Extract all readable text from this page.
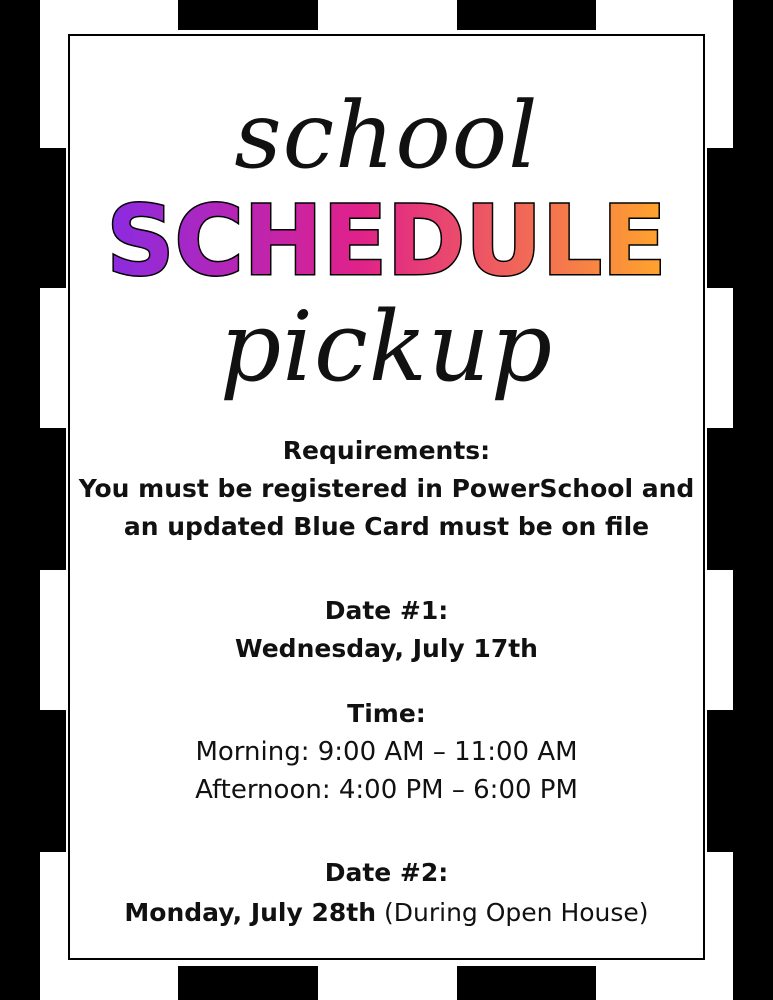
school
SCHEDULE
pickup
Requirements:
You must be registered in PowerSchool and
an updated Blue Card must be on file
Date #1:
Wednesday, July 17th
Time:
Morning: 9:00 AM – 11:00 AM
Afternoon: 4:00 PM – 6:00 PM
Date #2:
Monday, July 28th (During Open House)
